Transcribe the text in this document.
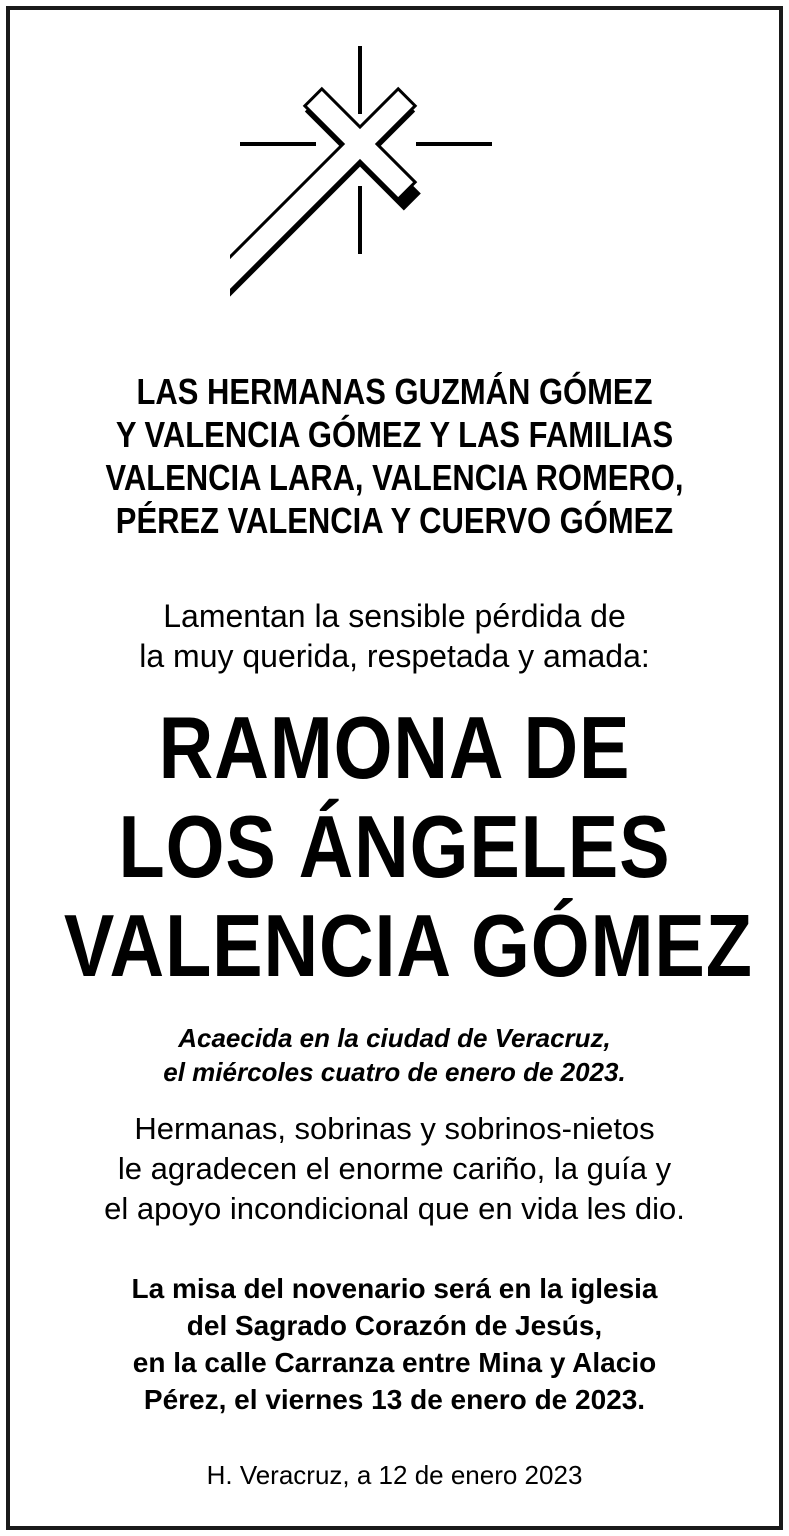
LAS HERMANAS GUZMÁN GÓMEZ
Y VALENCIA GÓMEZ Y LAS FAMILIAS
VALENCIA LARA, VALENCIA ROMERO,
PÉREZ VALENCIA Y CUERVO GÓMEZ
Lamentan la sensible pérdida de
la muy querida, respetada y amada:
RAMONA DE
LOS ÁNGELES
VALENCIA GÓMEZ
Acaecida en la ciudad de Veracruz,
el miércoles cuatro de enero de 2023.
Hermanas, sobrinas y sobrinos-nietos
le agradecen el enorme cariño, la guía y
el apoyo incondicional que en vida les dio.
La misa del novenario será en la iglesia
del Sagrado Corazón de Jesús,
en la calle Carranza entre Mina y Alacio
Pérez, el viernes 13 de enero de 2023.
H. Veracruz, a 12 de enero 2023
